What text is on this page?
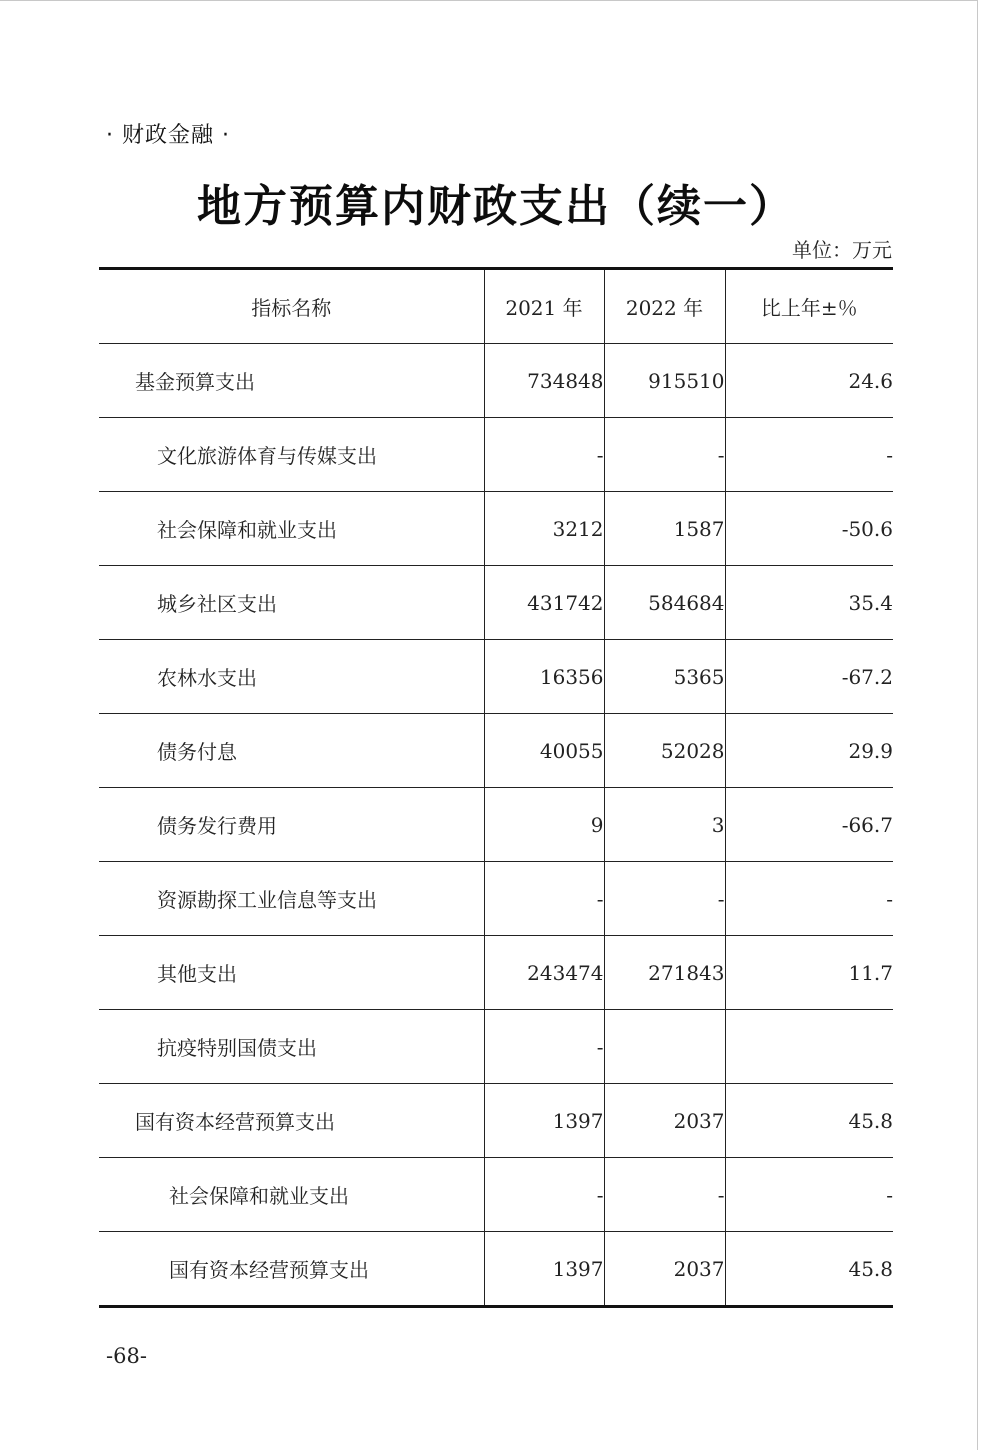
· 财政金融 ·
地方预算内财政支出（续一）
单位：万元
指标名称	2021 年	2022 年	比上年±％
基金预算支出	734848	915510	24.6
文化旅游体育与传媒支出	-	-	-
社会保障和就业支出	3212	1587	-50.6
城乡社区支出	431742	584684	35.4
农林水支出	16356	5365	-67.2
债务付息	40055	52028	29.9
债务发行费用	9	3	-66.7
资源勘探工业信息等支出	-	-	-
其他支出	243474	271843	11.7
抗疫特别国债支出	-		
国有资本经营预算支出	1397	2037	45.8
社会保障和就业支出	-	-	-
国有资本经营预算支出	1397	2037	45.8
-68-
